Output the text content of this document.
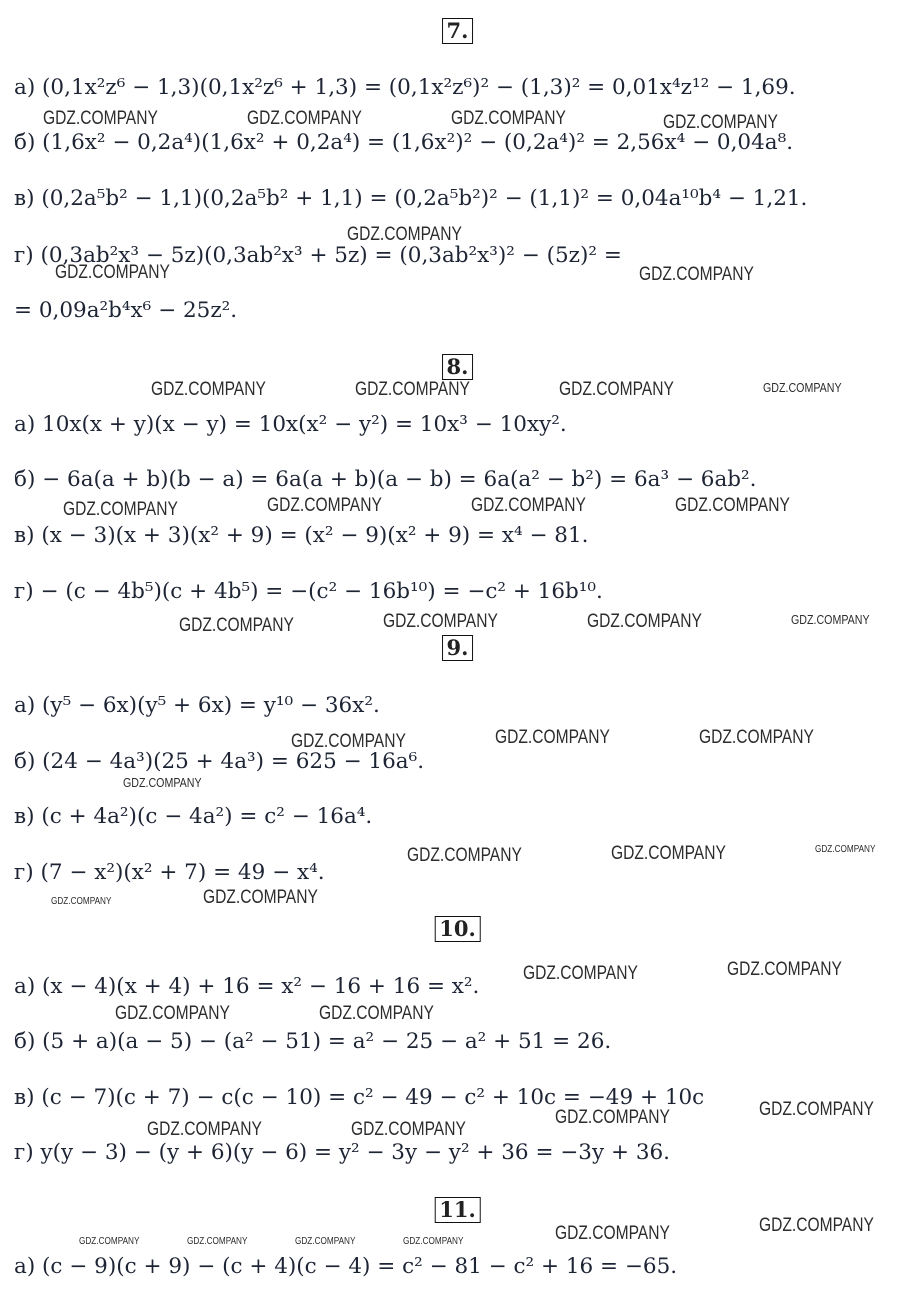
7.
8.
9.
10.
11.
а) (0,1x²z⁶ − 1,3)(0,1x²z⁶ + 1,3) = (0,1x²z⁶)² − (1,3)² = 0,01x⁴z¹² − 1,69.
б) (1,6x² − 0,2a⁴)(1,6x² + 0,2a⁴) = (1,6x²)² − (0,2a⁴)² = 2,56x⁴ − 0,04a⁸.
в) (0,2a⁵b² − 1,1)(0,2a⁵b² + 1,1) = (0,2a⁵b²)² − (1,1)² = 0,04a¹⁰b⁴ − 1,21.
г) (0,3ab²x³ − 5z)(0,3ab²x³ + 5z) = (0,3ab²x³)² − (5z)² =
= 0,09a²b⁴x⁶ − 25z².
а) 10x(x + y)(x − y) = 10x(x² − y²) = 10x³ − 10xy².
б) − 6a(a + b)(b − a) = 6a(a + b)(a − b) = 6a(a² − b²) = 6a³ − 6ab².
в) (x − 3)(x + 3)(x² + 9) = (x² − 9)(x² + 9) = x⁴ − 81.
г) − (c − 4b⁵)(c + 4b⁵) = −(c² − 16b¹⁰) = −c² + 16b¹⁰.
а) (y⁵ − 6x)(y⁵ + 6x) = y¹⁰ − 36x².
б) (24 − 4a³)(25 + 4a³) = 625 − 16a⁶.
в) (c + 4a²)(c − 4a²) = c² − 16a⁴.
г) (7 − x²)(x² + 7) = 49 − x⁴.
а) (x − 4)(x + 4) + 16 = x² − 16 + 16 = x².
б) (5 + a)(a − 5) − (a² − 51) = a² − 25 − a² + 51 = 26.
в) (c − 7)(c + 7) − c(c − 10) = c² − 49 − c² + 10c = −49 + 10c
г) y(y − 3) − (y + 6)(y − 6) = y² − 3y − y² + 36 = −3y + 36.
а) (c − 9)(c + 9) − (c + 4)(c − 4) = c² − 81 − c² + 16 = −65.
GDZ.COMPANY	GDZ.COMPANY	GDZ.COMPANY	GDZ.COMPANY
GDZ.COMPANY
GDZ.COMPANY	GDZ.COMPANY
GDZ.COMPANY	GDZ.COMPANY	GDZ.COMPANY	GDZ.COMPANY
GDZ.COMPANY	GDZ.COMPANY	GDZ.COMPANY	GDZ.COMPANY
GDZ.COMPANY	GDZ.COMPANY	GDZ.COMPANY	GDZ.COMPANY
GDZ.COMPANY	GDZ.COMPANY	GDZ.COMPANY
GDZ.COMPANY
GDZ.COMPANY	GDZ.COMPANY	GDZ.COMPANY
GDZ.COMPANY	GDZ.COMPANY
GDZ.COMPANY	GDZ.COMPANY
GDZ.COMPANY	GDZ.COMPANY
GDZ.COMPANY	GDZ.COMPANY
GDZ.COMPANY	GDZ.COMPANY
GDZ.COMPANY	GDZ.COMPANY	GDZ.COMPANY	GDZ.COMPANY	GDZ.COMPANY	GDZ.COMPANY
